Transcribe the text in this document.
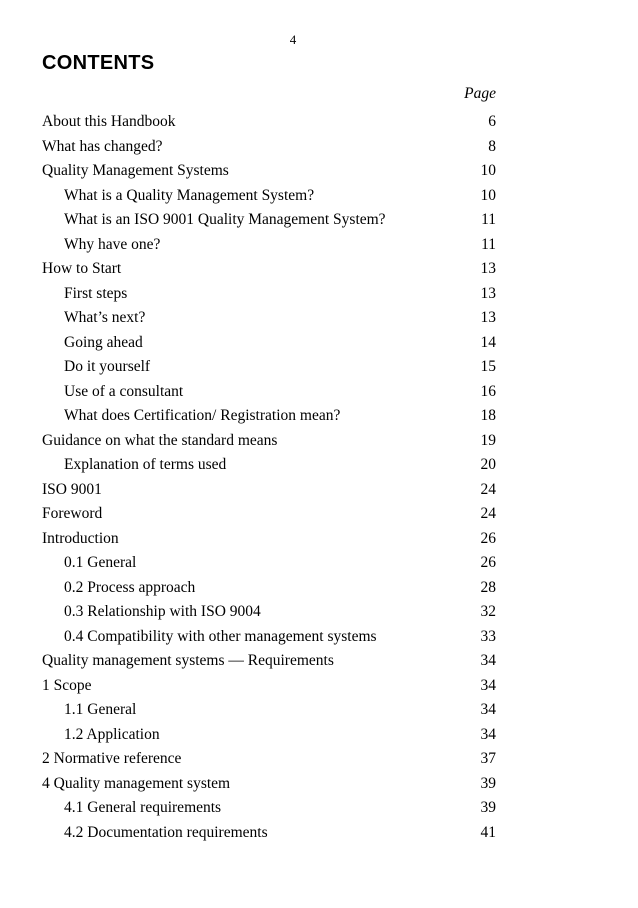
4
CONTENTS
Page
About this Handbook	6
What has changed?	8
Quality Management Systems	10
What is a Quality Management System?	10
What is an ISO 9001 Quality Management System?	11
Why have one?	11
How to Start	13
First steps	13
What’s next?	13
Going ahead	14
Do it yourself	15
Use of a consultant	16
What does Certification/ Registration mean?	18
Guidance on what the standard means	19
Explanation of terms used	20
ISO 9001	24
Foreword	24
Introduction	26
0.1 General	26
0.2 Process approach	28
0.3 Relationship with ISO 9004	32
0.4 Compatibility with other management systems	33
Quality management systems — Requirements	34
1 Scope	34
1.1 General	34
1.2 Application	34
2 Normative reference	37
4 Quality management system	39
4.1 General requirements	39
4.2 Documentation requirements	41
